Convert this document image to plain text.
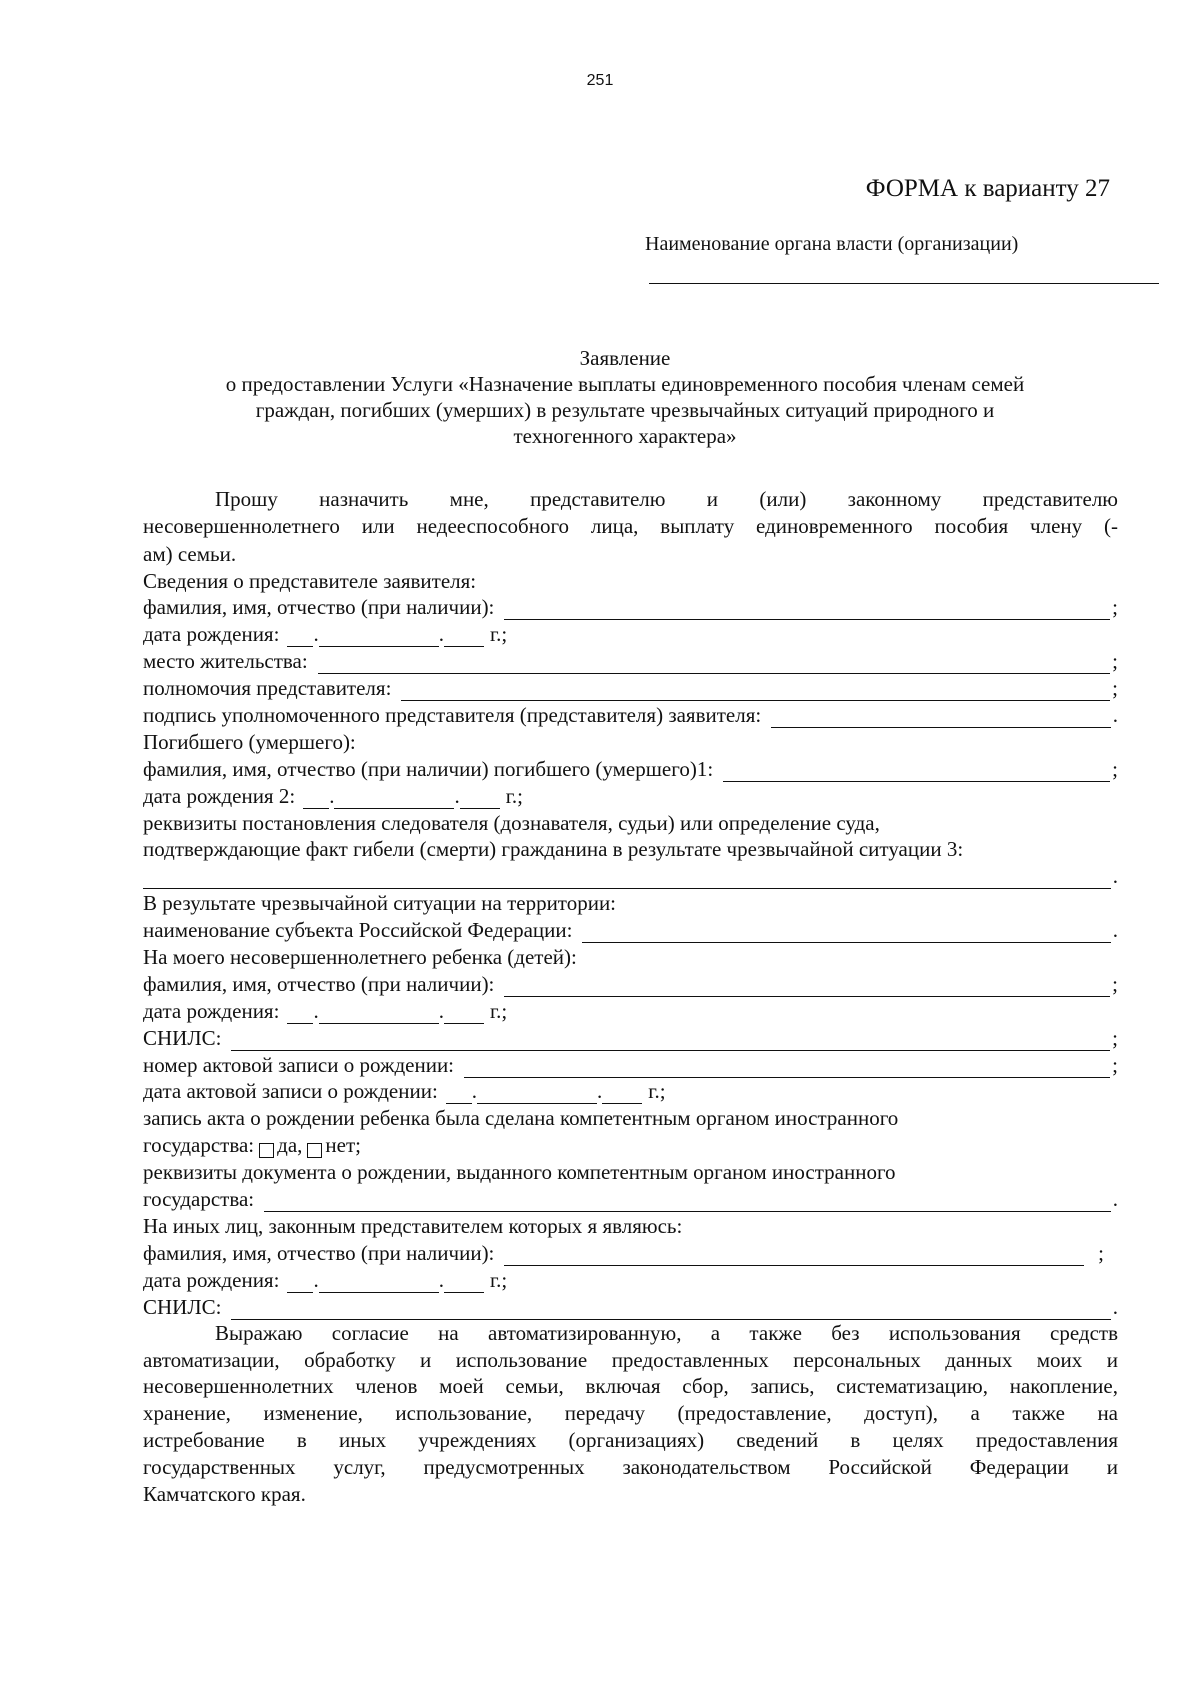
251
ФОРМА к варианту 27
Наименование органа власти (организации)
Заявление
о предоставлении Услуги «Назначение выплаты единовременного пособия членам семей
граждан, погибших (умерших) в результате чрезвычайных ситуаций природного и
техногенного характера»
Прошу назначить мне, представителю и (или) законному представителю
несовершеннолетнего или недееспособного лица, выплату единовременного пособия члену (-
ам) семьи.
Сведения о представителе заявителя:
фамилия, имя, отчество (при наличии):	;
дата рождения: .	. г.;
место жительства:	;
полномочия представителя:	;
подпись уполномоченного представителя (представителя) заявителя:	.
Погибшего (умершего):
фамилия, имя, отчество (при наличии) погибшего (умершего)1:	;
дата рождения 2: .	. г.;
реквизиты постановления следователя (дознавателя, судьи) или определение суда,
подтверждающие факт гибели (смерти) гражданина в результате чрезвычайной ситуации 3:
.
В результате чрезвычайной ситуации на территории:
наименование субъекта Российской Федерации:	.
На моего несовершеннолетнего ребенка (детей):
фамилия, имя, отчество (при наличии):	;
дата рождения: .	. г.;
СНИЛС:	;
номер актовой записи о рождении:	;
дата актовой записи о рождении: .	. г.;
запись акта о рождении ребенка была сделана компетентным органом иностранного
государства: да, нет;
реквизиты документа о рождении, выданного компетентным органом иностранного
государства:	.
На иных лиц, законным представителем которых я являюсь:
фамилия, имя, отчество (при наличии):	;
дата рождения: .	. г.;
СНИЛС:	.
Выражаю согласие на автоматизированную, а также без использования средств
автоматизации, обработку и использование предоставленных персональных данных моих и
несовершеннолетних членов моей семьи, включая сбор, запись, систематизацию, накопление,
хранение, изменение, использование, передачу (предоставление, доступ), а также на
истребование в иных учреждениях (организациях) сведений в целях предоставления
государственных услуг, предусмотренных законодательством Российской Федерации и
Камчатского края.
